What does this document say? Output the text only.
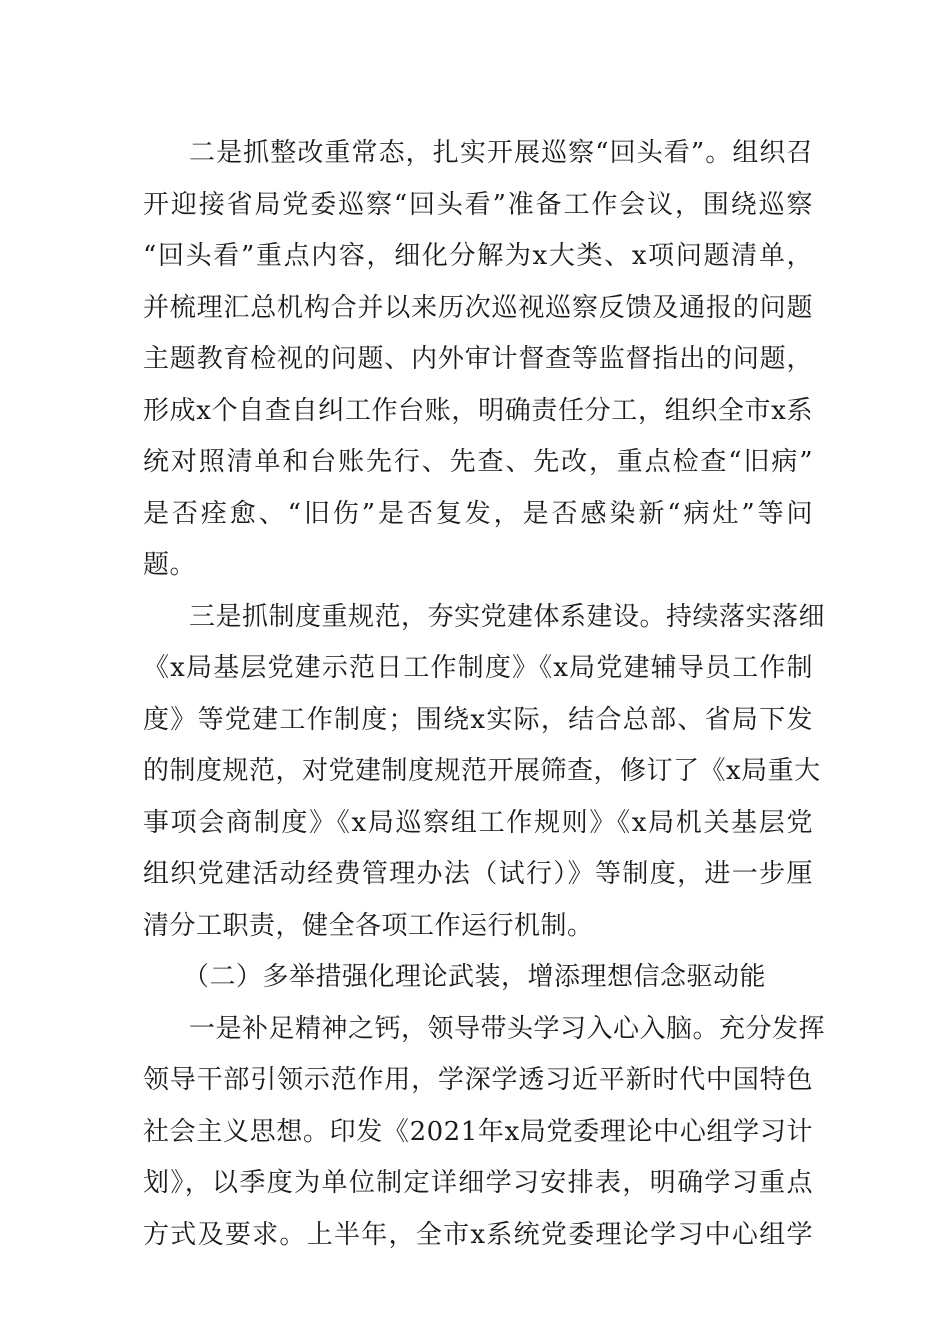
二是抓整改重常态，扎实开展巡察“回头看”。组织召
开迎接省局党委巡察“回头看”准备工作会议，围绕巡察
“回头看”重点内容，细化分解为x大类、x项问题清单，
并梳理汇总机构合并以来历次巡视巡察反馈及通报的问题
主题教育检视的问题、内外审计督查等监督指出的问题，
形成x个自查自纠工作台账，明确责任分工，组织全市x系
统对照清单和台账先行、先查、先改，重点检查“旧病”
是否痊愈、“旧伤”是否复发，是否感染新“病灶”等问
题。
三是抓制度重规范，夯实党建体系建设。持续落实落细
《x局基层党建示范日工作制度》《x局党建辅导员工作制
度》等党建工作制度；围绕x实际，结合总部、省局下发
的制度规范，对党建制度规范开展筛查，修订了《x局重大
事项会商制度》《x局巡察组工作规则》《x局机关基层党
组织党建活动经费管理办法（试行）》等制度，进一步厘
清分工职责，健全各项工作运行机制。
（二）多举措强化理论武装，增添理想信念驱动能
一是补足精神之钙，领导带头学习入心入脑。充分发挥
领导干部引领示范作用，学深学透习近平新时代中国特色
社会主义思想。印发《2021年x局党委理论中心组学习计
划》，以季度为单位制定详细学习安排表，明确学习重点
方式及要求。上半年，全市x系统党委理论学习中心组学
